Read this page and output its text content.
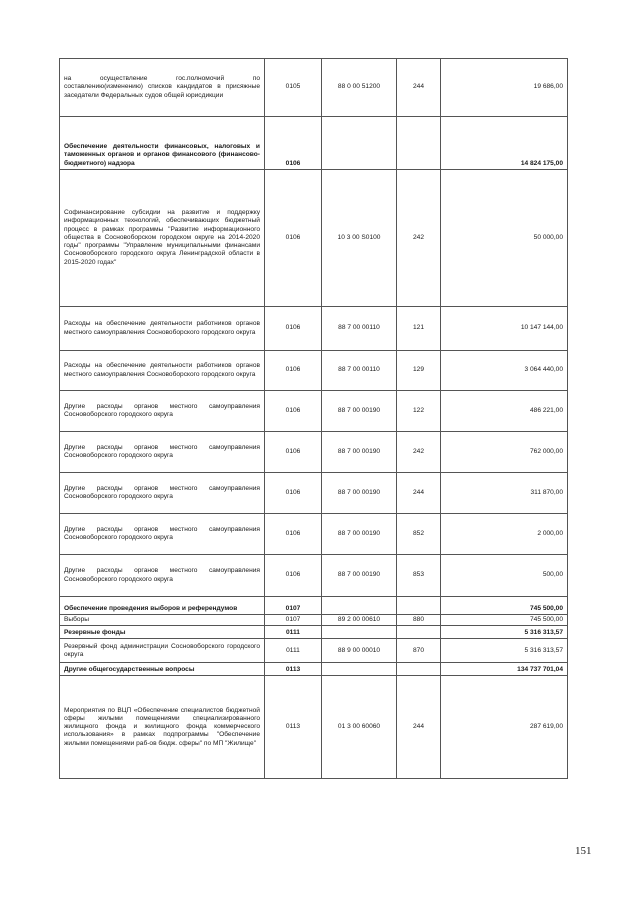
на осуществление гос.полномочий по составлению(изменению) списков кандидатов в присяжные заседатели Федеральных судов общей юрисдикции	0105	88 0 00 51200	244	19 686,00
Обеспечение деятельности финансовых, налоговых и таможенных органов и органов финансового (финансово-бюджетного) надзора	0106			14 824 175,00
Софинансирование субсидии на развитие и поддержку информационных технологий, обеспечивающих бюджетный процесс в рамках программы "Развитие информационного общества в Сосновоборском городском округе на 2014-2020 годы" программы "Управление муниципальными финансами Сосновоборского городского округа Ленинградской области в 2015-2020 годах"	0106	10 3 00 S0100	242	50 000,00
Расходы на обеспечение деятельности работников органов местного самоуправления Сосновоборского городского округа	0106	88 7 00 00110	121	10 147 144,00
Расходы на обеспечение деятельности работников органов местного самоуправления Сосновоборского городского округа	0106	88 7 00 00110	129	3 064 440,00
Другие расходы органов местного самоуправления Сосновоборского городского округа	0106	88 7 00 00190	122	486 221,00
Другие расходы органов местного самоуправления Сосновоборского городского округа	0106	88 7 00 00190	242	762 000,00
Другие расходы органов местного самоуправления Сосновоборского городского округа	0106	88 7 00 00190	244	311 870,00
Другие расходы органов местного самоуправления Сосновоборского городского округа	0106	88 7 00 00190	852	2 000,00
Другие расходы органов местного самоуправления Сосновоборского городского округа	0106	88 7 00 00190	853	500,00
Обеспечение проведения выборов и референдумов	0107			745 500,00
Выборы	0107	89 2 00 00610	880	745 500,00
Резервные фонды	0111			5 316 313,57
Резервный фонд администрации Сосновоборского городского округа	0111	88 9 00 00010	870	5 316 313,57
Другие общегосударственные вопросы	0113			134 737 701,04
Мероприятия по ВЦП «Обеспечение специалистов бюджетной сферы жилыми помещениями специализированного жилищного фонда и жилищного фонда коммерческого использования» в рамках подпрограммы "Обеспечение жилыми помещениями раб-ов бюдж. сферы" по МП "Жилище"	0113	01 3 00 60060	244	287 619,00
151
